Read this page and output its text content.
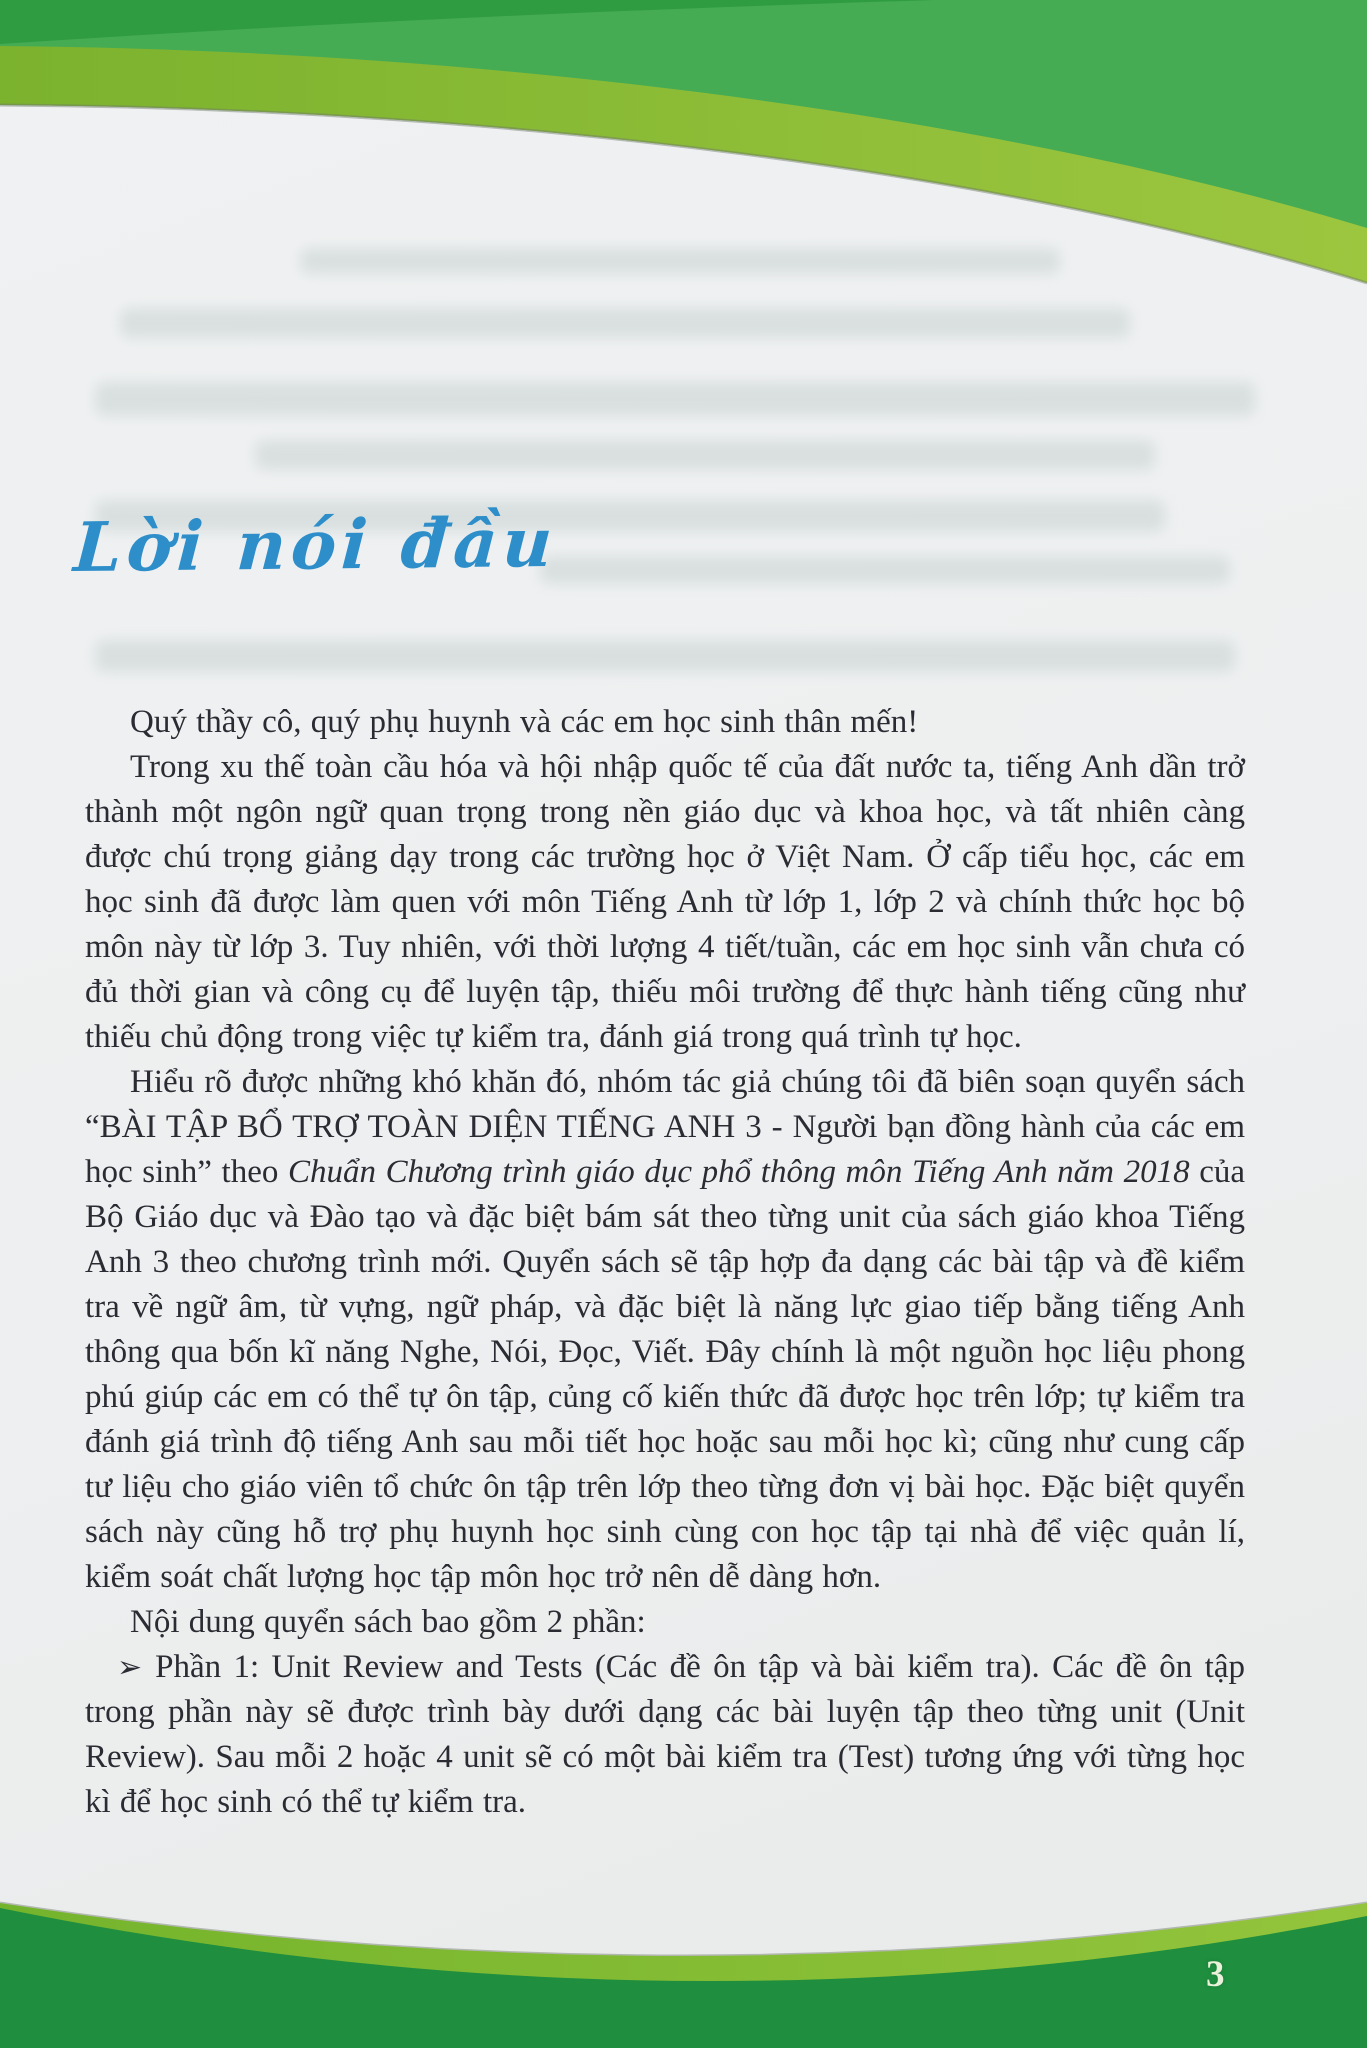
Lời nói đầu

Quý thầy cô, quý phụ huynh và các em học sinh thân mến!

Trong xu thế toàn cầu hóa và hội nhập quốc tế của đất nước ta, tiếng Anh dần trở thành một ngôn ngữ quan trọng trong nền giáo dục và khoa học, và tất nhiên càng được chú trọng giảng dạy trong các trường học ở Việt Nam. Ở cấp tiểu học, các em học sinh đã được làm quen với môn Tiếng Anh từ lớp 1, lớp 2 và chính thức học bộ môn này từ lớp 3. Tuy nhiên, với thời lượng 4 tiết/tuần, các em học sinh vẫn chưa có đủ thời gian và công cụ để luyện tập, thiếu môi trường để thực hành tiếng cũng như thiếu chủ động trong việc tự kiểm tra, đánh giá trong quá trình tự học.

Hiểu rõ được những khó khăn đó, nhóm tác giả chúng tôi đã biên soạn quyển sách “BÀI TẬP BỔ TRỢ TOÀN DIỆN TIẾNG ANH 3 - Người bạn đồng hành của các em học sinh” theo Chuẩn Chương trình giáo dục phổ thông môn Tiếng Anh năm 2018 của Bộ Giáo dục và Đào tạo và đặc biệt bám sát theo từng unit của sách giáo khoa Tiếng Anh 3 theo chương trình mới. Quyển sách sẽ tập hợp đa dạng các bài tập và đề kiểm tra về ngữ âm, từ vựng, ngữ pháp, và đặc biệt là năng lực giao tiếp bằng tiếng Anh thông qua bốn kĩ năng Nghe, Nói, Đọc, Viết. Đây chính là một nguồn học liệu phong phú giúp các em có thể tự ôn tập, củng cố kiến thức đã được học trên lớp; tự kiểm tra đánh giá trình độ tiếng Anh sau mỗi tiết học hoặc sau mỗi học kì; cũng như cung cấp tư liệu cho giáo viên tổ chức ôn tập trên lớp theo từng đơn vị bài học. Đặc biệt quyển sách này cũng hỗ trợ phụ huynh học sinh cùng con học tập tại nhà để việc quản lí, kiểm soát chất lượng học tập môn học trở nên dễ dàng hơn.

Nội dung quyển sách bao gồm 2 phần:

➢ Phần 1: Unit Review and Tests (Các đề ôn tập và bài kiểm tra). Các đề ôn tập trong phần này sẽ được trình bày dưới dạng các bài luyện tập theo từng unit (Unit Review). Sau mỗi 2 hoặc 4 unit sẽ có một bài kiểm tra (Test) tương ứng với từng học kì để học sinh có thể tự kiểm tra.

3
